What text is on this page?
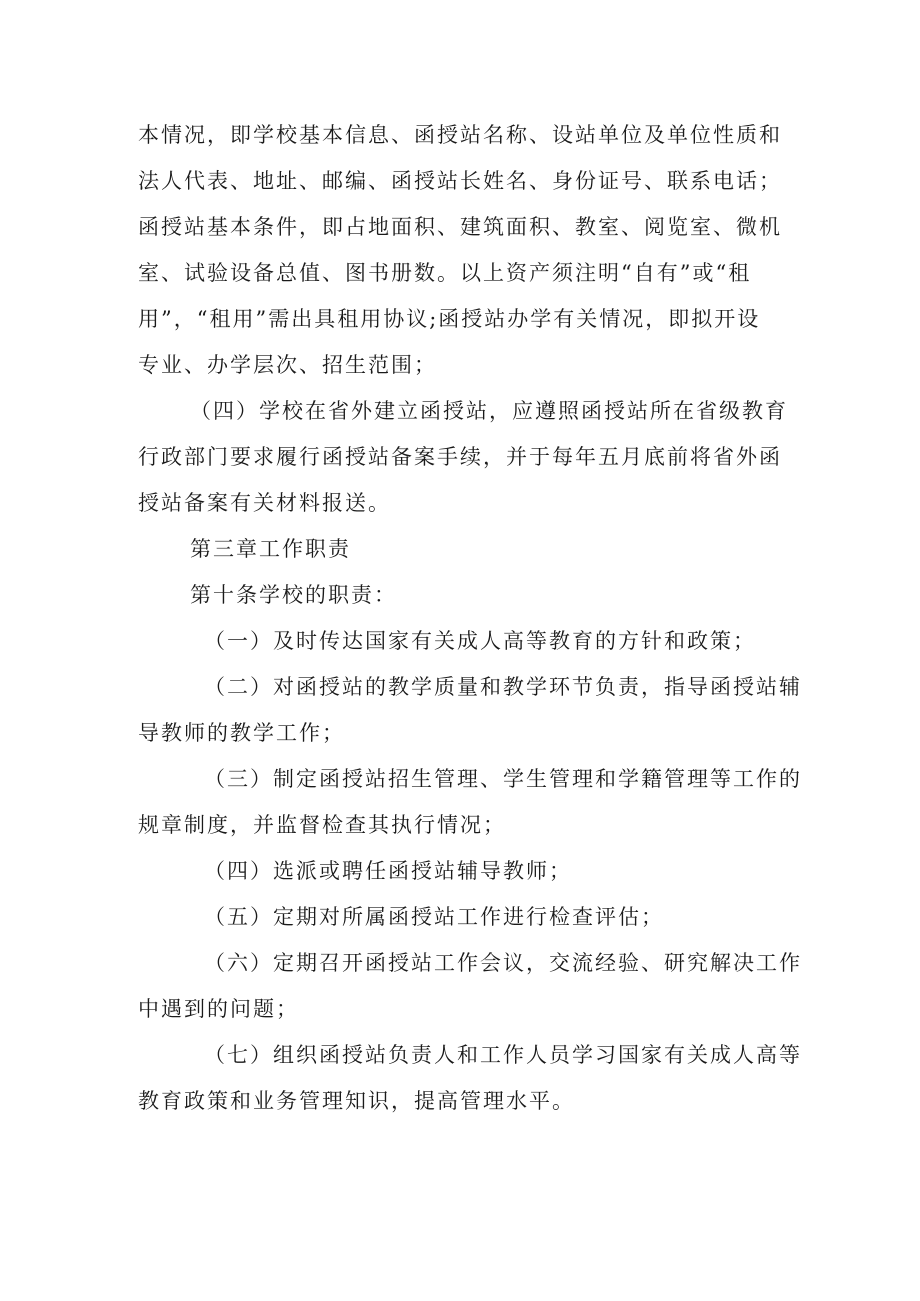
本情况，即学校基本信息、函授站名称、设站单位及单位性质和
法人代表、地址、邮编、函授站长姓名、身份证号、联系电话；
函授站基本条件，即占地面积、建筑面积、教室、阅览室、微机
室、试验设备总值、图书册数。以上资产须注明“自有”或“租
用”，“租用”需出具租用协议;函授站办学有关情况，即拟开设
专业、办学层次、招生范围；
（四）学校在省外建立函授站，应遵照函授站所在省级教育
行政部门要求履行函授站备案手续，并于每年五月底前将省外函
授站备案有关材料报送。
第三章工作职责
第十条学校的职责：
（一）及时传达国家有关成人高等教育的方针和政策；
（二）对函授站的教学质量和教学环节负责，指导函授站辅
导教师的教学工作；
（三）制定函授站招生管理、学生管理和学籍管理等工作的
规章制度，并监督检查其执行情况；
（四）选派或聘任函授站辅导教师；
（五）定期对所属函授站工作进行检查评估；
（六）定期召开函授站工作会议，交流经验、研究解决工作
中遇到的问题；
（七）组织函授站负责人和工作人员学习国家有关成人高等
教育政策和业务管理知识，提高管理水平。
